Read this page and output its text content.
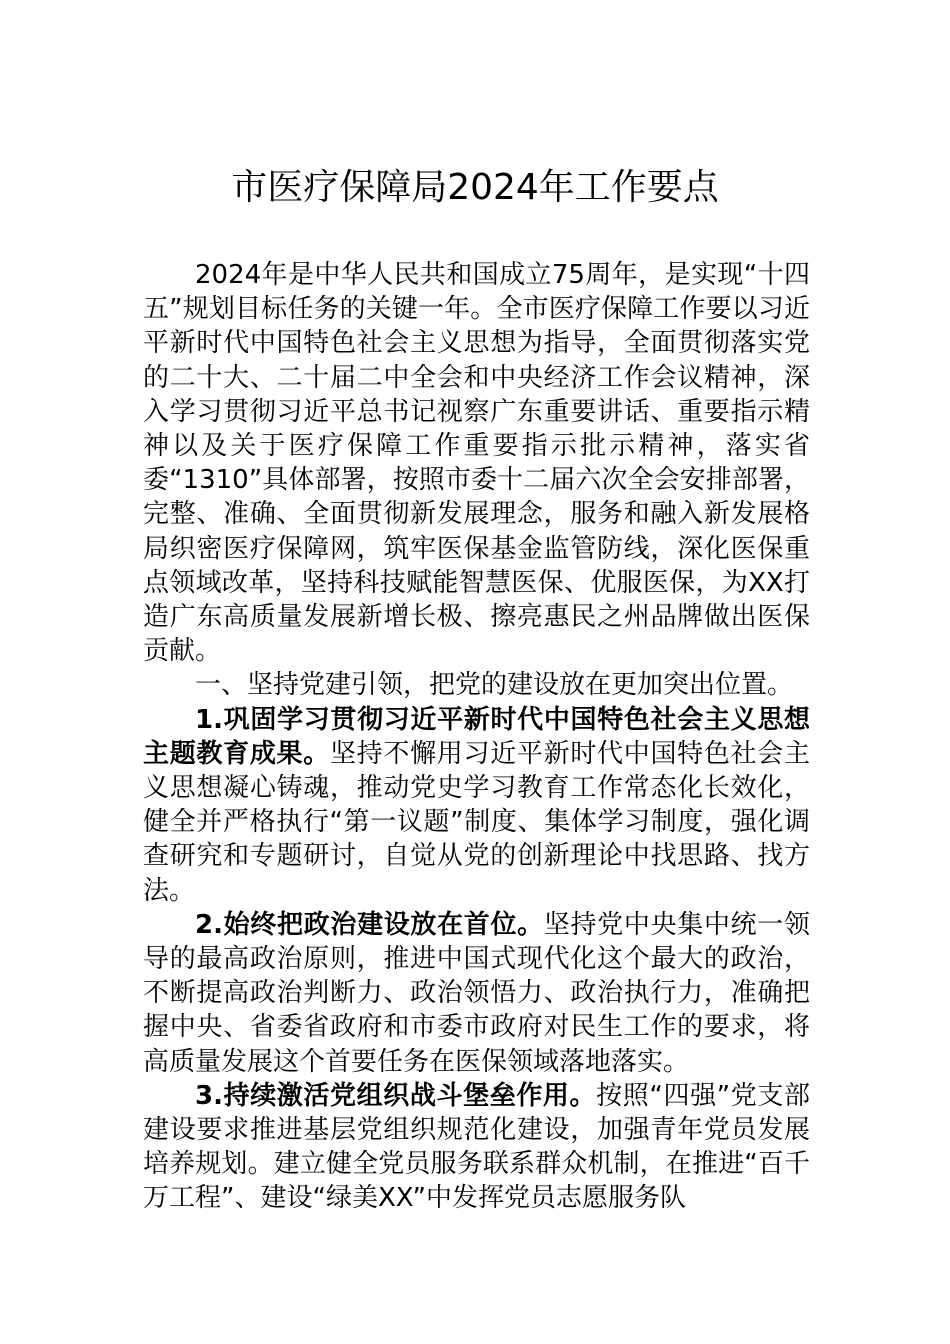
市医疗保障局2024年工作要点

2024年是中华人民共和国成立75周年，是实现“十四五”规划目标任务的关键一年。全市医疗保障工作要以习近平新时代中国特色社会主义思想为指导，全面贯彻落实党的二十大、二十届二中全会和中央经济工作会议精神，深入学习贯彻习近平总书记视察广东重要讲话、重要指示精神以及关于医疗保障工作重要指示批示精神，落实省委“1310”具体部署，按照市委十二届六次全会安排部署，完整、准确、全面贯彻新发展理念，服务和融入新发展格局织密医疗保障网，筑牢医保基金监管防线，深化医保重点领域改革，坚持科技赋能智慧医保、优服医保，为XX打造广东高质量发展新增长极、擦亮惠民之州品牌做出医保贡献。

一、坚持党建引领，把党的建设放在更加突出位置。

1.巩固学习贯彻习近平新时代中国特色社会主义思想主题教育成果。坚持不懈用习近平新时代中国特色社会主义思想凝心铸魂，推动党史学习教育工作常态化长效化，健全并严格执行“第一议题”制度、集体学习制度，强化调查研究和专题研讨，自觉从党的创新理论中找思路、找方法。

2.始终把政治建设放在首位。坚持党中央集中统一领导的最高政治原则，推进中国式现代化这个最大的政治，不断提高政治判断力、政治领悟力、政治执行力，准确把握中央、省委省政府和市委市政府对民生工作的要求，将高质量发展这个首要任务在医保领域落地落实。

3.持续激活党组织战斗堡垒作用。按照“四强”党支部建设要求推进基层党组织规范化建设，加强青年党员发展培养规划。建立健全党员服务联系群众机制，在推进“百千万工程”、建设“绿美XX”中发挥党员志愿服务队
